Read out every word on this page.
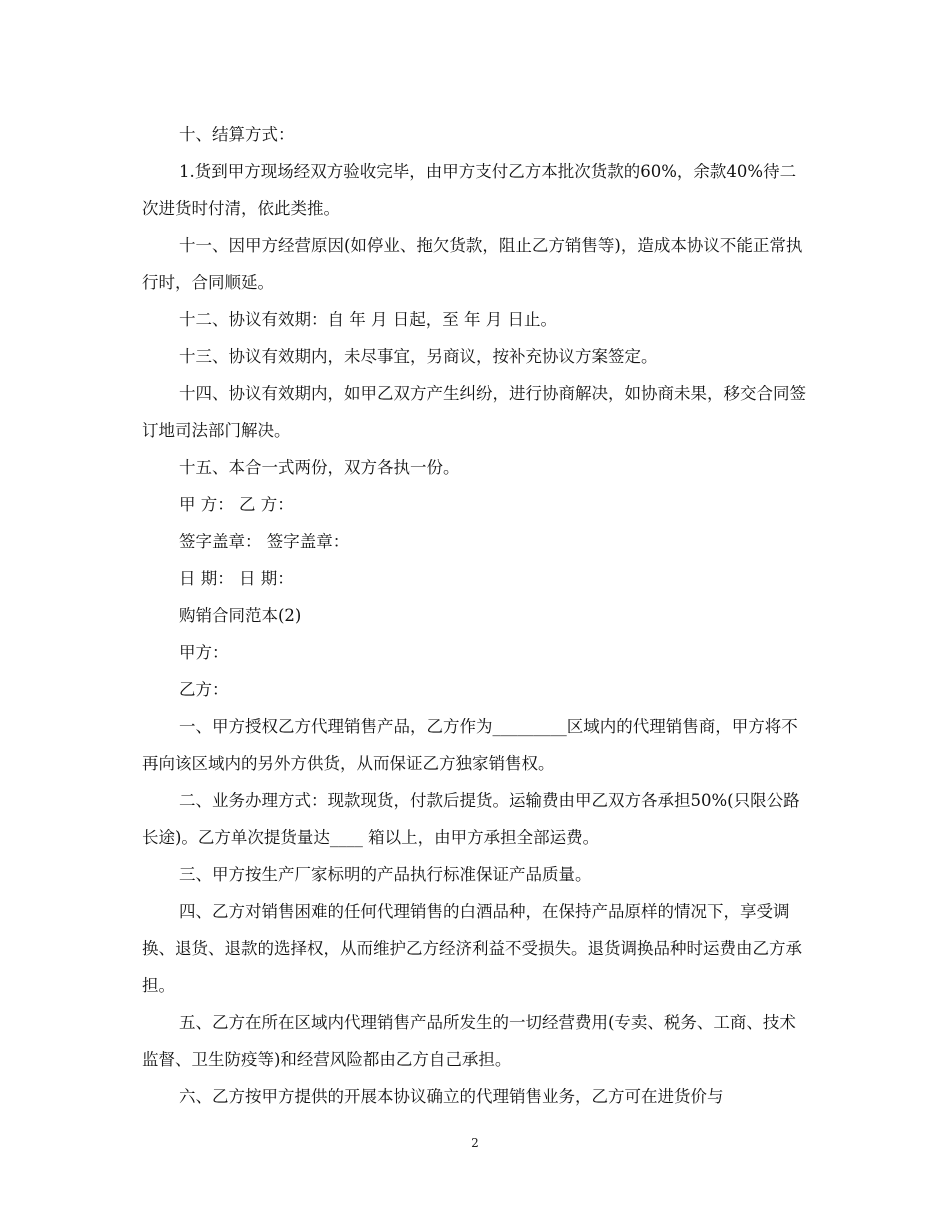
十、结算方式：

1.货到甲方现场经双方验收完毕，由甲方支付乙方本批次货款的60%，余款40%待二次进货时付清，依此类推。

十一、因甲方经营原因(如停业、拖欠货款，阻止乙方销售等)，造成本协议不能正常执行时，合同顺延。

十二、协议有效期：自 年 月 日起，至 年 月 日止。

十三、协议有效期内，未尽事宜，另商议，按补充协议方案签定。

十四、协议有效期内，如甲乙双方产生纠纷，进行协商解决，如协商未果，移交合同签订地司法部门解决。

十五、本合一式两份，双方各执一份。

甲 方： 乙 方：

签字盖章： 签字盖章：

日 期： 日 期：

购销合同范本(2)

甲方：

乙方：

一、甲方授权乙方代理销售产品，乙方作为_________区域内的代理销售商，甲方将不再向该区域内的另外方供货，从而保证乙方独家销售权。

二、业务办理方式：现款现货，付款后提货。运输费由甲乙双方各承担50%(只限公路长途)。乙方单次提货量达____ 箱以上，由甲方承担全部运费。

三、甲方按生产厂家标明的产品执行标准保证产品质量。

四、乙方对销售困难的任何代理销售的白酒品种，在保持产品原样的情况下，享受调换、退货、退款的选择权，从而维护乙方经济利益不受损失。退货调换品种时运费由乙方承担。

五、乙方在所在区域内代理销售产品所发生的一切经营费用(专卖、税务、工商、技术监督、卫生防疫等)和经营风险都由乙方自己承担。

六、乙方按甲方提供的开展本协议确立的代理销售业务，乙方可在进货价与

2
